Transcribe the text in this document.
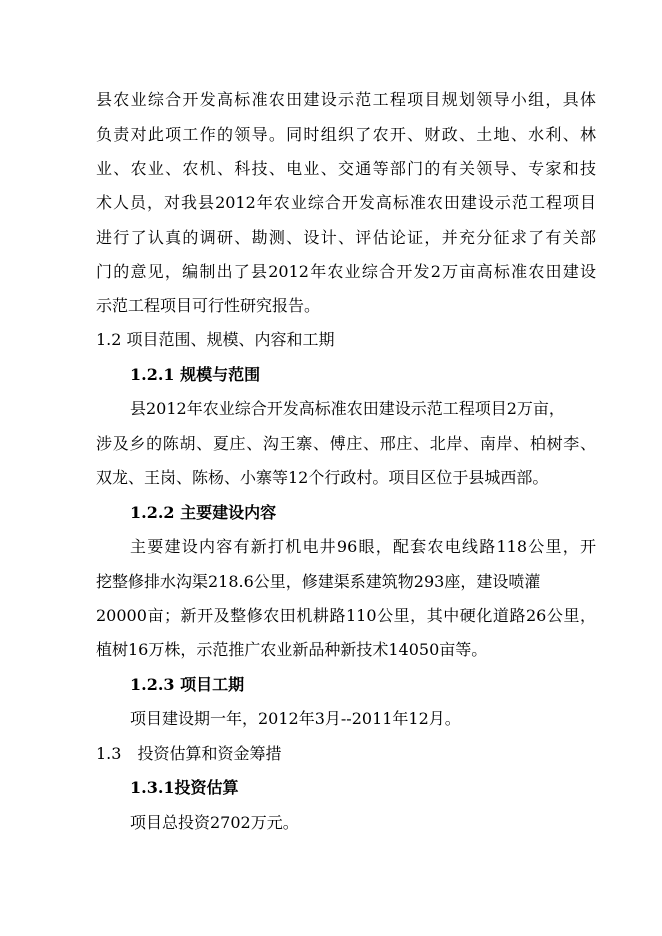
县农业综合开发高标准农田建设示范工程项目规划领导小组，具体
负责对此项工作的领导。同时组织了农开、财政、土地、水利、林
业、农业、农机、科技、电业、交通等部门的有关领导、专家和技
术人员，对我县2012年农业综合开发高标准农田建设示范工程项目
进行了认真的调研、勘测、设计、评估论证，并充分征求了有关部
门的意见，编制出了县2012年农业综合开发2万亩高标准农田建设
示范工程项目可行性研究报告。
1.2 项目范围、规模、内容和工期
1.2.1 规模与范围
县2012年农业综合开发高标准农田建设示范工程项目2万亩，
涉及乡的陈胡、夏庄、沟王寨、傅庄、邢庄、北岸、南岸、柏树李、
双龙、王岗、陈杨、小寨等12个行政村。项目区位于县城西部。
1.2.2 主要建设内容
主要建设内容有新打机电井96眼，配套农电线路118公里，开
挖整修排水沟渠218.6公里，修建渠系建筑物293座，建设喷灌
20000亩；新开及整修农田机耕路110公里，其中硬化道路26公里，
植树16万株，示范推广农业新品种新技术14050亩等。
1.2.3 项目工期
项目建设期一年，2012年3月--2011年12月。
1.3　投资估算和资金筹措
1.3.1投资估算
项目总投资2702万元。
